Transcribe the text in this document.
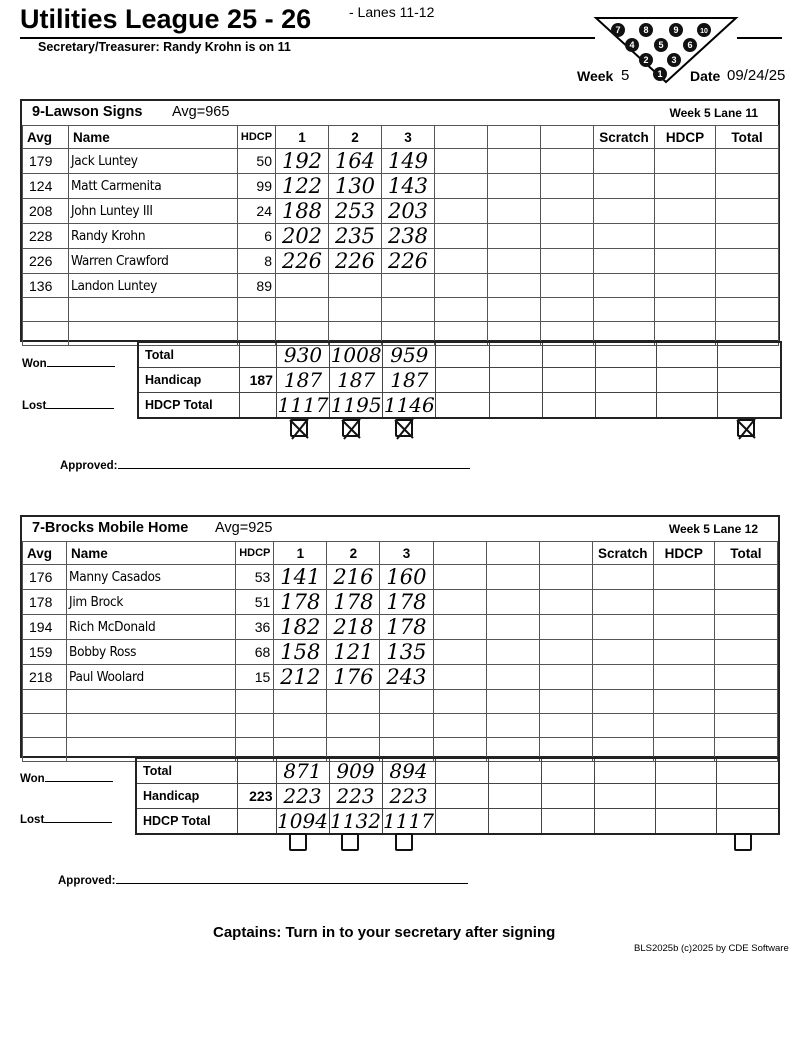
Utilities League 25 - 26	- Lanes 11-12
Secretary/Treasurer: Randy Krohn is on 11
7	8	9	10
4	5	6
2	3
1
Week 5	Date 09/24/25
9-Lawson Signs Avg=965	Week 5 Lane 11
Avg	Name	HDCP	1	2	3				Scratch	HDCP	Total
179	Jack Luntey	50	192	164	149						
124	Matt Carmenita	99	122	130	143						
208	John Luntey III	24	188	253	203						
228	Randy Krohn	6	202	235	238						
226	Warren Crawford	8	226	226	226						
136	Landon Luntey	89									

Total		930	1008	959						
Handicap	187	187	187	187						
HDCP Total		1117	1195	1146						
Won
Lost
Approved:
7-Brocks Mobile Home Avg=925	Week 5 Lane 12
Avg	Name	HDCP	1	2	3				Scratch	HDCP	Total
176	Manny Casados	53	141	216	160						
178	Jim Brock	51	178	178	178						
194	Rich McDonald	36	182	218	178						
159	Bobby Ross	68	158	121	135						
218	Paul Woolard	15	212	176	243						

Total		871	909	894						
Handicap	223	223	223	223						
HDCP Total		1094	1132	1117						
Won
Lost
Approved:
Captains: Turn in to your secretary after signing
BLS2025b (c)2025 by CDE Software
